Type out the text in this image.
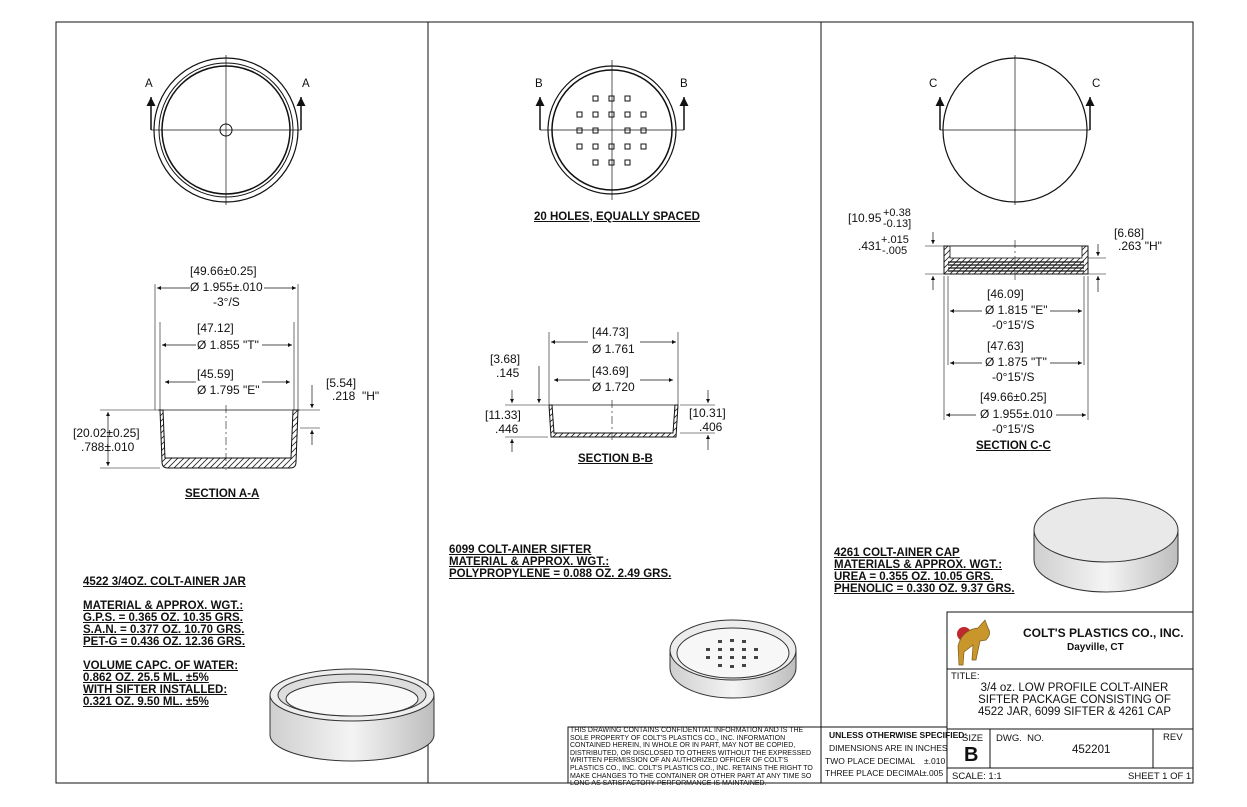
A	A	B	B	C	C
[49.66±0.25]
Ø 1.955±.010
-3°/S
[47.12]
Ø 1.855 "T"
[45.59]
Ø 1.795 "E"	[5.54]
.218 "H"
[20.02±0.25]
.788±.010
SECTION A-A
20 HOLES, EQUALLY SPACED
[44.73]
Ø 1.761
[43.69]
Ø 1.720
[3.68]
.145
[11.33]
.446
[10.31]
.406
SECTION B-B
[10.95 +0.38
-0.13]
.431 +.015
-.005
[6.68]
.263 "H"
[46.09]
Ø 1.815 "E"
-0°15'/S
[47.63]
Ø 1.875 "T"
-0°15'/S
[49.66±0.25]
Ø 1.955±.010
-0°15'/S
SECTION C-C
4522 3/4OZ. COLT-AINER JAR
MATERIAL & APPROX. WGT.:
G.P.S. = 0.365 OZ. 10.35 GRS.
S.A.N. = 0.377 OZ. 10.70 GRS.
PET-G = 0.436 OZ. 12.36 GRS.
VOLUME CAPC. OF WATER:
0.862 OZ. 25.5 ML. ±5%
WITH SIFTER INSTALLED:
0.321 OZ. 9.50 ML. ±5%
6099 COLT-AINER SIFTER
MATERIAL & APPROX. WGT.:
POLYPROPYLENE = 0.088 OZ. 2.49 GRS.
4261 COLT-AINER CAP
MATERIALS & APPROX. WGT.:
UREA = 0.355 OZ. 10.05 GRS.
PHENOLIC = 0.330 OZ. 9.37 GRS.
THIS DRAWING CONTAINS CONFIDENTIAL INFORMATION AND IS THE SOLE PROPERTY OF COLT'S PLASTICS CO., INC. INFORMATION CONTAINED HEREIN, IN WHOLE OR IN PART, MAY NOT BE COPIED, DISTRIBUTED, OR DISCLOSED TO OTHERS WITHOUT THE EXPRESSED WRITTEN PERMISSION OF AN AUTHORIZED OFFICER OF COLT'S PLASTICS CO., INC. COLT'S PLASTICS CO., INC. RETAINS THE RIGHT TO MAKE CHANGES TO THE CONTAINER OR OTHER PART AT ANY TIME SO LONG AS SATISFACTORY PERFORMANCE IS MAINTAINED.
UNLESS OTHERWISE SPECIFIED:
DIMENSIONS ARE IN INCHES
TWO PLACE DECIMAL ±.010
THREE PLACE DECIMAL
±.005
COLT'S PLASTICS CO., INC.
Dayville, CT
TITLE:
3/4 oz. LOW PROFILE COLT-AINER
SIFTER PACKAGE CONSISTING OF
4522 JAR, 6099 SIFTER & 4261 CAP
SIZE
B
DWG.  NO.
452201
REV
SCALE: 1:1	SHEET 1 OF 1
